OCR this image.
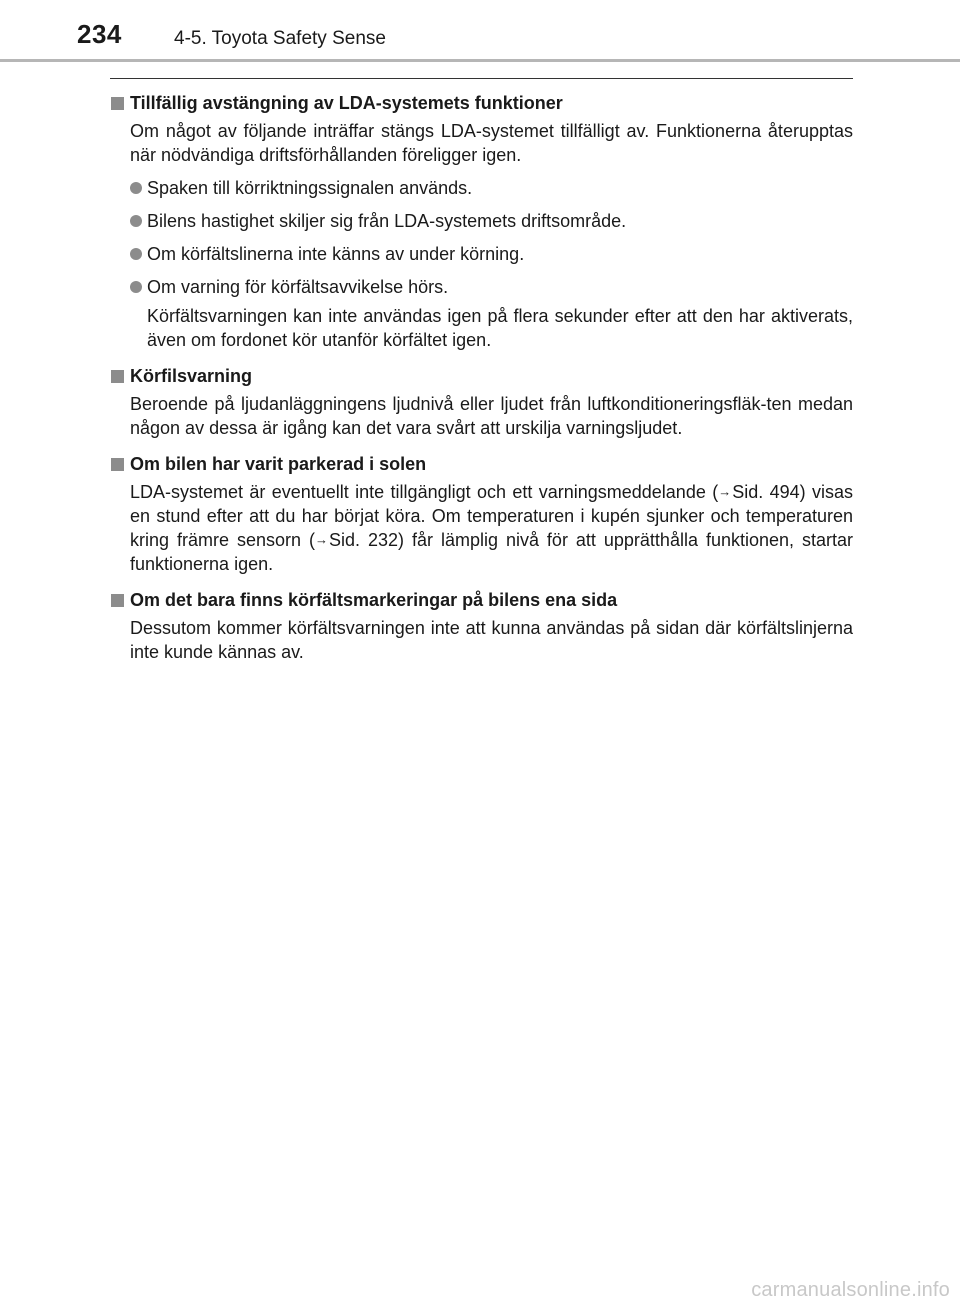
234	4-5. Toyota Safety Sense
Tillfällig avstängning av LDA-systemets funktioner

Om något av följande inträffar stängs LDA-systemet tillfälligt av. Funktionerna återupptas när nödvändiga driftsförhållanden föreligger igen.

Spaken till körriktningssignalen används.
Bilens hastighet skiljer sig från LDA-systemets driftsområde.
Om körfältslinerna inte känns av under körning.
Om varning för körfältsavvikelse hörs.

Körfältsvarningen kan inte användas igen på flera sekunder efter att den har aktiverats, även om fordonet kör utanför körfältet igen.

Körfilsvarning

Beroende på ljudanläggningens ljudnivå eller ljudet från luftkonditioneringsfläk-ten medan någon av dessa är igång kan det vara svårt att urskilja varningsljudet.

Om bilen har varit parkerad i solen

LDA-systemet är eventuellt inte tillgängligt och ett varningsmeddelande (→Sid. 494) visas en stund efter att du har börjat köra. Om temperaturen i kupén sjunker och temperaturen kring främre sensorn (→Sid. 232) får lämplig nivå för att upprätthålla funktionen, startar funktionerna igen.

Om det bara finns körfältsmarkeringar på bilens ena sida

Dessutom kommer körfältsvarningen inte att kunna användas på sidan där körfältslinjerna inte kunde kännas av.

carmanualsonline.info
